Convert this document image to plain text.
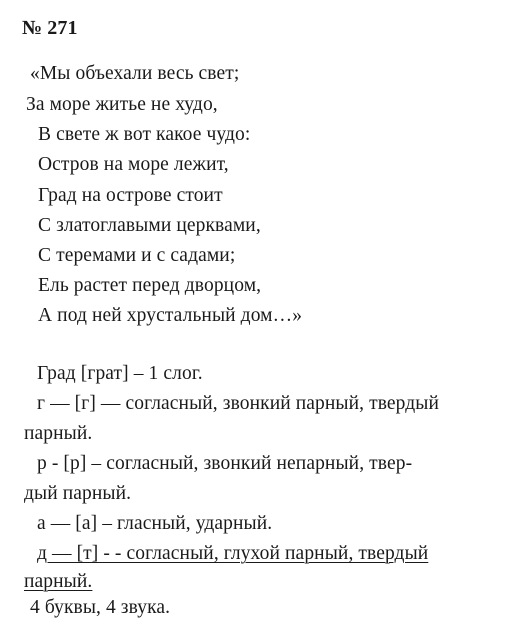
№ 271
«Мы объехали весь свет;
За море житье не худо,
В свете ж вот какое чудо:
Остров на море лежит,
Град на острове стоит
С златоглавыми церквами,
С теремами и с садами;
Ель растет перед дворцом,
А под ней хрустальный дом…»
Град [грат] – 1 слог.
г — [г] — согласный, звонкий парный, твердый
парный.
р - [р] – согласный, звонкий непарный, твер-
дый парный.
а — [а] – гласный, ударный.
д — [т] - - согласный, глухой парный, твердый
парный.
4 буквы, 4 звука.
